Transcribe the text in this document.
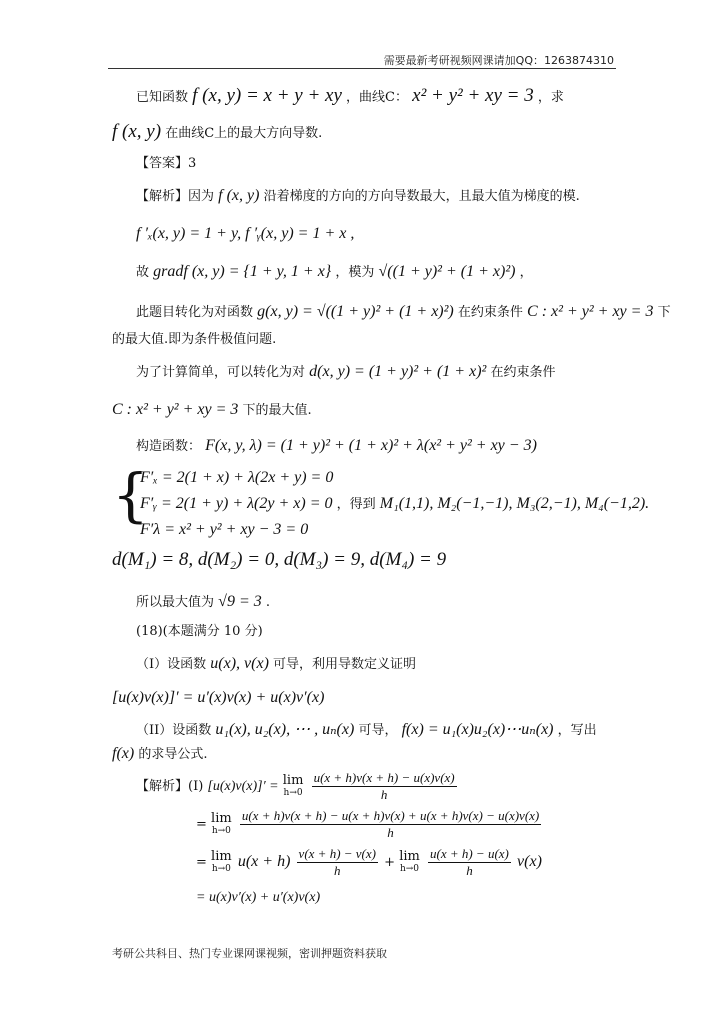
需要最新考研视频网课请加QQ：1263874310
已知函数 f (x, y) = x + y + xy ，曲线C： x² + y² + xy = 3 ，求
f (x, y) 在曲线C上的最大方向导数.
【答案】3
【解析】因为 f (x, y) 沿着梯度的方向的方向导数最大，且最大值为梯度的模.
f ′ₓ(x, y) = 1 + y, f ′ᵧ(x, y) = 1 + x ,
故 gradf (x, y) = {1 + y, 1 + x} ，模为 √((1 + y)² + (1 + x)²) ，
此题目转化为对函数 g(x, y) = √((1 + y)² + (1 + x)²) 在约束条件 C : x² + y² + xy = 3 下
的最大值.即为条件极值问题.
为了计算简单，可以转化为对 d(x, y) = (1 + y)² + (1 + x)² 在约束条件
C : x² + y² + xy = 3 下的最大值.
构造函数： F(x, y, λ) = (1 + y)² + (1 + x)² + λ(x² + y² + xy − 3)
{
F′ₓ = 2(1 + x) + λ(2x + y) = 0
F′ᵧ = 2(1 + y) + λ(2y + x) = 0 ，得到 M₁(1,1), M₂(−1,−1), M₃(2,−1), M₄(−1,2).
F′λ = x² + y² + xy − 3 = 0
d(M₁) = 8, d(M₂) = 0, d(M₃) = 9, d(M₄) = 9
所以最大值为 √9 = 3 .
(18)(本题满分 10 分)
（I）设函数 u(x), v(x) 可导，利用导数定义证明
[u(x)v(x)]′ = u′(x)v(x) + u(x)v′(x)
（II）设函数 u₁(x), u₂(x), ⋯ , uₙ(x) 可导， f(x) = u₁(x)u₂(x)⋯uₙ(x) ，写出
f(x) 的求导公式.
【解析】(I) [u(x)v(x)]′ = lim
h→0
$\frac{u(x + h)v(x + h) - u(x)v(x)}{h}$
= lim
h→0
$\frac{u(x + h)v(x + h) - u(x + h)v(x) + u(x + h)v(x) - u(x)v(x)}{h}$
= lim
h→0 $u(x + h) \frac{v(x + h) - v(x)}{h} + \lim$
h→0
$\frac{u(x + h) - u(x)}{h} v(x)$
= u(x)v′(x) + u′(x)v(x)
考研公共科目、热门专业课网课视频，密训押题资料获取
